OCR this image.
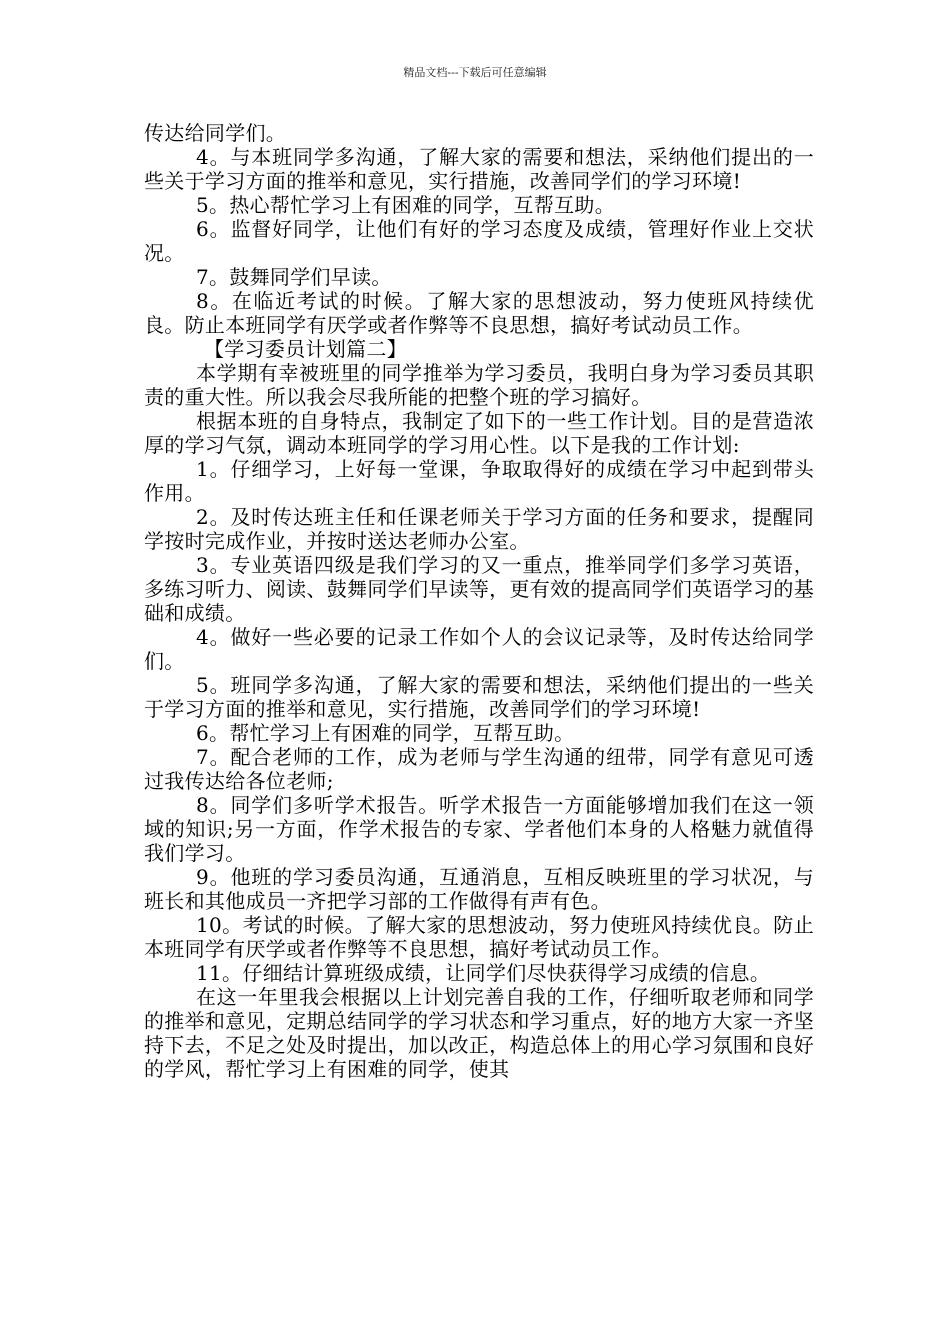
精品文档---下载后可任意编辑

传达给同学们。

4。与本班同学多沟通，了解大家的需要和想法，采纳他们提出的一些关于学习方面的推举和意见，实行措施，改善同学们的学习环境!

5。热心帮忙学习上有困难的同学，互帮互助。

6。监督好同学，让他们有好的学习态度及成绩，管理好作业上交状况。

7。鼓舞同学们早读。

8。在临近考试的时候。了解大家的思想波动，努力使班风持续优良。防止本班同学有厌学或者作弊等不良思想，搞好考试动员工作。

【学习委员计划篇二】

本学期有幸被班里的同学推举为学习委员，我明白身为学习委员其职责的重大性。所以我会尽我所能的把整个班的学习搞好。

根据本班的自身特点，我制定了如下的一些工作计划。目的是营造浓厚的学习气氛，调动本班同学的学习用心性。以下是我的工作计划:

1。仔细学习，上好每一堂课，争取取得好的成绩在学习中起到带头作用。

2。及时传达班主任和任课老师关于学习方面的任务和要求，提醒同学按时完成作业，并按时送达老师办公室。

3。专业英语四级是我们学习的又一重点，推举同学们多学习英语，多练习听力、阅读、鼓舞同学们早读等，更有效的提高同学们英语学习的基础和成绩。

4。做好一些必要的记录工作如个人的会议记录等，及时传达给同学们。

5。班同学多沟通，了解大家的需要和想法，采纳他们提出的一些关于学习方面的推举和意见，实行措施，改善同学们的学习环境!

6。帮忙学习上有困难的同学，互帮互助。

7。配合老师的工作，成为老师与学生沟通的纽带，同学有意见可透过我传达给各位老师;

8。同学们多听学术报告。听学术报告一方面能够增加我们在这一领域的知识;另一方面，作学术报告的专家、学者他们本身的人格魅力就值得我们学习。

9。他班的学习委员沟通，互通消息，互相反映班里的学习状况，与班长和其他成员一齐把学习部的工作做得有声有色。

10。考试的时候。了解大家的思想波动，努力使班风持续优良。防止本班同学有厌学或者作弊等不良思想，搞好考试动员工作。

11。仔细结计算班级成绩，让同学们尽快获得学习成绩的信息。

在这一年里我会根据以上计划完善自我的工作，仔细听取老师和同学的推举和意见，定期总结同学的学习状态和学习重点，好的地方大家一齐坚持下去，不足之处及时提出，加以改正，构造总体上的用心学习氛围和良好的学风，帮忙学习上有困难的同学，使其
